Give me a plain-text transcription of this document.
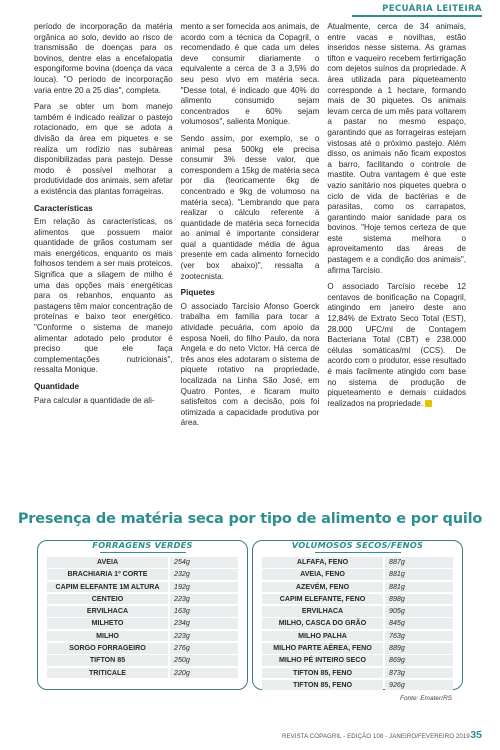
PECUÁRIA LEITEIRA

período de incorporação da matéria orgânica ao solo, devido ao risco de transmissão de doenças para os bovinos, dentre elas a encefalopatia espongiforme bovina (doença da vaca louca). "O período de incorporação varia entre 20 a 25 dias", completa.

Para se obter um bom manejo também é indicado realizar o pastejo rotacionado, em que se adota a divisão da área em piquetes e se realiza um rodízio nas subáreas disponibilizadas para pastejo. Desse modo é possível melhorar a produtividade dos animais, sem afetar a existência das plantas forrageiras.

Características

Em relação às características, os alimentos que possuem maior quantidade de grãos costumam ser mais energéticos, enquanto os mais folhosos tendem a ser mais proteicos. Significa que a silagem de milho é uma das opções mais energéticas para os rebanhos, enquanto as pastagens têm maior concentração de proteínas e baixo teor energético. "Conforme o sistema de manejo alimentar adotado pelo produtor é preciso que ele faça complementações nutricionais", ressalta Monique.

Quantidade

Para calcular a quantidade de ali-

mento a ser fornecida aos animais, de acordo com a técnica da Copagril, o recomendado é que cada um deles deve consumir diariamente o equivalente a cerca de 3 a 3,5% do seu peso vivo em matéria seca. "Desse total, é indicado que 40% do alimento consumido sejam concentrados e 60% sejam volumosos", salienta Monique.

Sendo assim, por exemplo, se o animal pesa 500kg ele precisa consumir 3% desse valor, que correspondem a 15kg de matéria seca por dia (teoricamente 6kg de concentrado e 9kg de volumoso na matéria seca). "Lembrando que para realizar o cálculo referente à quantidade de matéria seca fornecida ao animal é importante considerar qual a quantidade média de água presente em cada alimento fornecido (ver box abaixo)", ressalta a zootecnista.

Piquetes

O associado Tarcísio Afonso Goerck trabalha em família para tocar a atividade pecuária, com apoio da esposa Noeli, do filho Paulo, da nora Angela e do neto Victor. Há cerca de três anos eles adotaram o sistema de piquete rotativo na propriedade, localizada na Linha São José, em Quatro Pontes, e ficaram muito satisfeitos com a decisão, pois foi otimizada a capacidade produtiva por área.

Atualmente, cerca de 34 animais, entre vacas e novilhas, estão inseridos nesse sistema. As gramas tifton e vaqueiro recebem fertirrigação com dejetos suínos da propriedade. A área utilizada para piqueteamento corresponde a 1 hectare, formando mais de 30 piquetes. Os animais levam cerca de um mês para voltarem a pastar no mesmo espaço, garantindo que as forrageiras estejam vistosas até o próximo pastejo. Além disso, os animais não ficam expostos a barro, facilitando o controle de mastite. Outra vantagem é que este vazio sanitário nos piquetes quebra o ciclo de vida de bactérias e de parasitas, como os carrapatos, garantindo maior sanidade para os bovinos. "Hoje temos certeza de que este sistema melhora o aproveitamento das áreas de pastagem e a condição dos animais", afirma Tarcísio.

O associado Tarcísio recebe 12 centavos de bonificação na Copagril, atingindo em janeiro deste ano 12,84% de Extrato Seco Total (EST), 28.000 UFC/ml de Contagem Bacteriana Total (CBT) e 238.000 células somáticas/ml (CCS). De acordo com o produtor, esse resultado é mais facilmente atingido com base no sistema de produção de piqueteamento e demais cuidados realizados na propriedade.

Presença de matéria seca por tipo de alimento e por quilo
FORRAGENS VERDES
AVEIA	254g
BRACHIARIA 1º CORTE	232g
CAPIM ELEFANTE 1M ALTURA	192g
CENTEIO	223g
ERVILHACA	163g
MILHETO	234g
MILHO	223g
SORGO FORRAGEIRO	276g
TIFTON 85	250g
TRITICALE	220g
VOLUMOSOS SECOS/FENOS
ALFAFA, FENO	887g
AVEIA, FENO	881g
AZEVÉM, FENO	881g
CAPIM ELEFANTE, FENO	898g
ERVILHACA	905g
MILHO, CASCA DO GRÃO	845g
MILHO PALHA	763g
MILHO PARTE AÉREA, FENO	889g
MILHO PÉ INTEIRO SECO	869g
TIFTON 85, FENO	873g
TIFTON 85, FENO	926g
Fonte: Emater/RS
REVISTA COPAGRIL - EDIÇÃO 108 - JANEIRO/FEVEREIRO 2019 35
